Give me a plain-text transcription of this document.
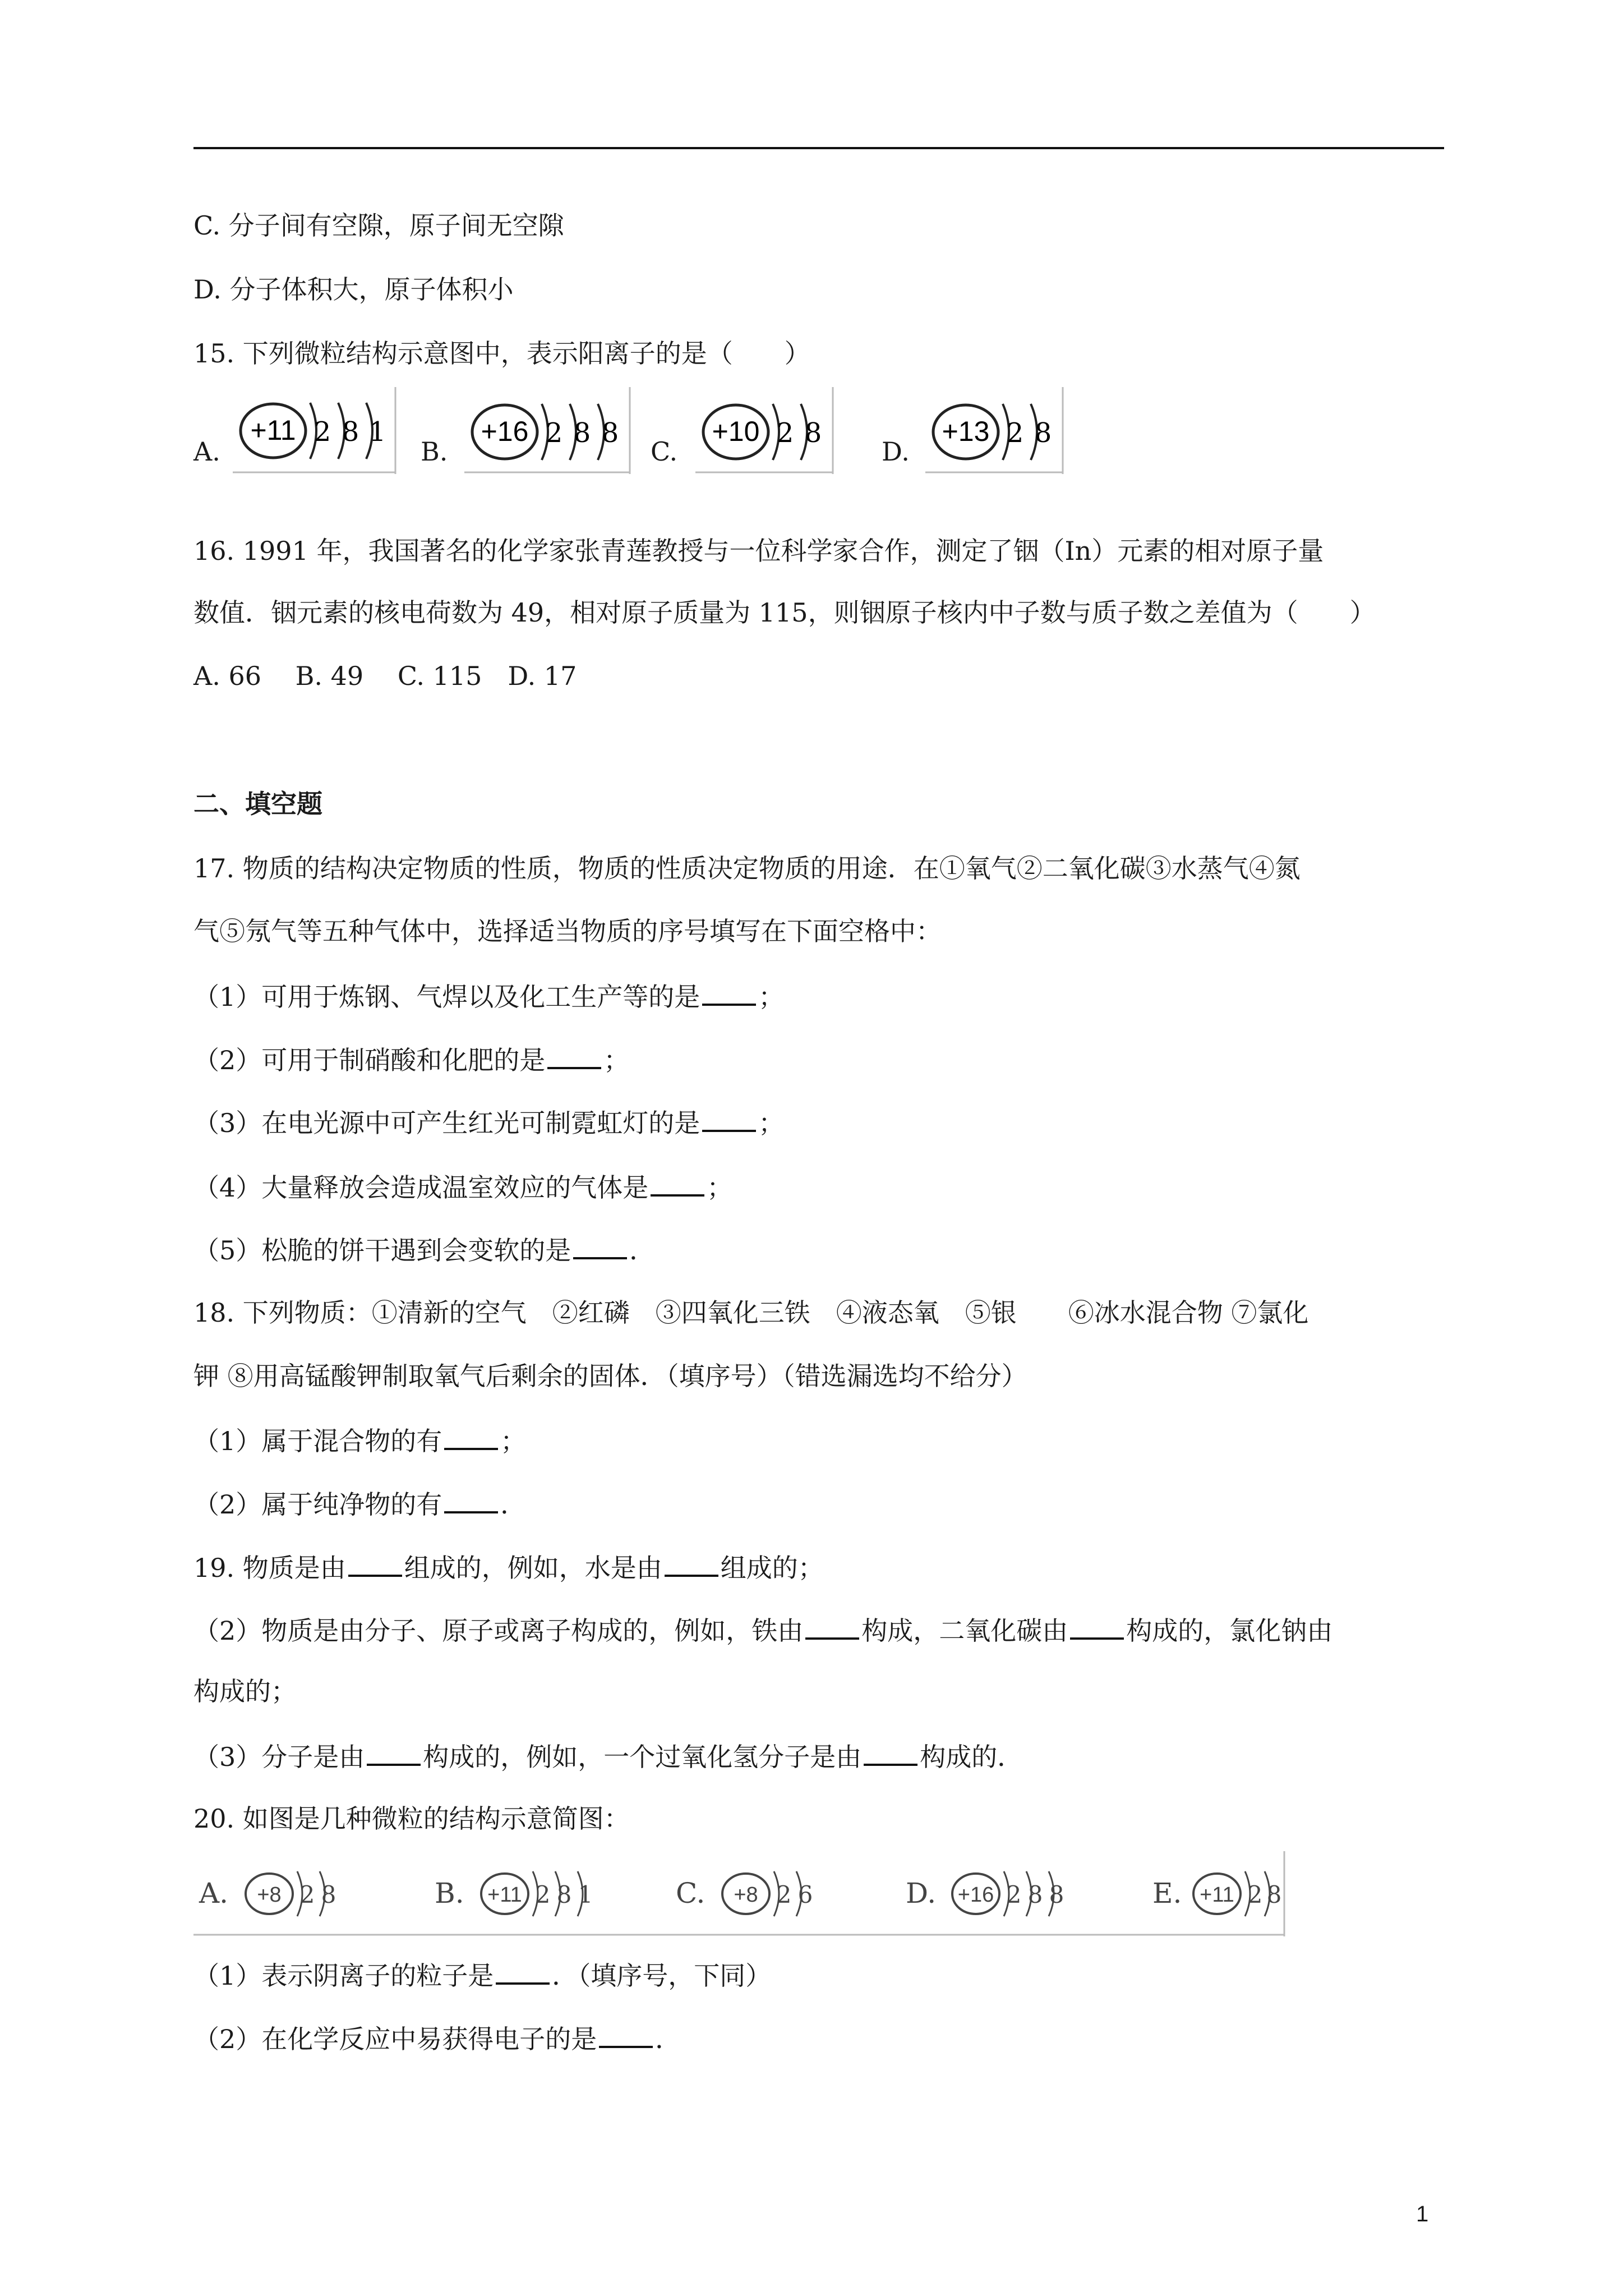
C. 分子间有空隙，原子间无空隙
D. 分子体积大，原子体积小
15. 下列微粒结构示意图中，表示阳离子的是（　　）
A.
+11 2 8 1
B.
+16 2 8 8
C.
+10 2 8
D.
+13 2 8
16. 1991 年，我国著名的化学家张青莲教授与一位科学家合作，测定了铟（In）元素的相对原子量
数值．铟元素的核电荷数为 49，相对原子质量为 115，则铟原子核内中子数与质子数之差值为（　　）
A. 66　 B. 49　 C. 115　D. 17
二、填空题
17. 物质的结构决定物质的性质，物质的性质决定物质的用途．在①氧气②二氧化碳③水蒸气④氮
气⑤氖气等五种气体中，选择适当物质的序号填写在下面空格中：
（1）可用于炼钢、气焊以及化工生产等的是 ；
（2）可用于制硝酸和化肥的是 ；
（3）在电光源中可产生红光可制霓虹灯的是 ；
（4）大量释放会造成温室效应的气体是 ；
（5）松脆的饼干遇到会变软的是 ．
18. 下列物质：①清新的空气　②红磷　③四氧化三铁　④液态氧　⑤银　　⑥冰水混合物 ⑦氯化
钾 ⑧用高锰酸钾制取氧气后剩余的固体．（填序号）（错选漏选均不给分）
（1）属于混合物的有 ；
（2）属于纯净物的有 ．
19. 物质是由 组成的，例如，水是由 组成的；
（2）物质是由分子、原子或离子构成的，例如，铁由 构成，二氧化碳由 构成的，氯化钠由
构成的；
（3）分子是由 构成的，例如，一个过氧化氢分子是由 构成的．
20. 如图是几种微粒的结构示意简图：
A. +8 2 8	B. +11 2 8 1	C. +8 2 6	D. +16 2 8 8	E. +11 2 8
（1）表示阴离子的粒子是 ．（填序号，下同）
（2）在化学反应中易获得电子的是 ．
1
